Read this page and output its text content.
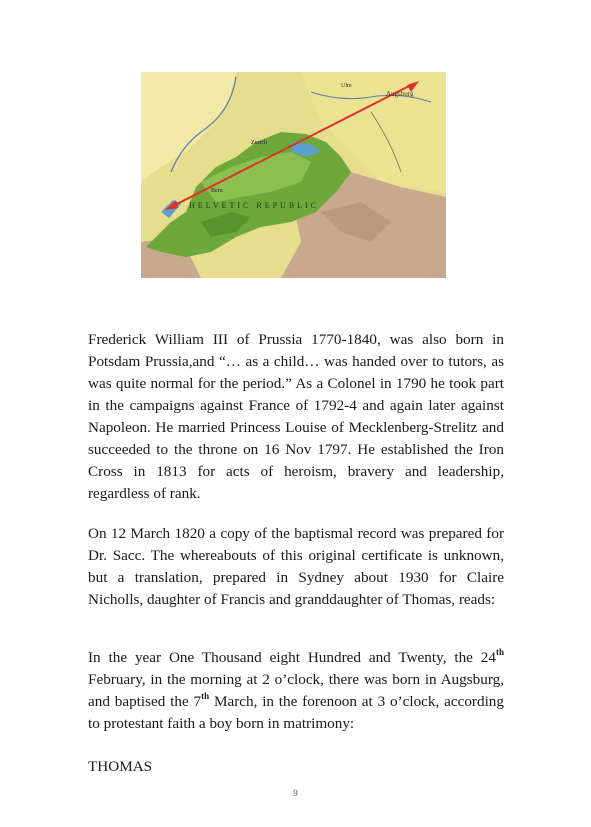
Augsburg
Ulm
Zurich
Bern
HELVETIC REPUBLIC

Frederick William III of Prussia 1770-1840, was also born in Potsdam Prussia,and “… as a child… was handed over to tutors, as was quite normal for the period.” As a Colonel in 1790 he took part in the campaigns against France of 1792-4 and again later against Napoleon. He married Princess Louise of Mecklenberg-Strelitz and succeeded to the throne on 16 Nov 1797. He established the Iron Cross in 1813 for acts of heroism, bravery and leadership, regardless of rank.

On 12 March 1820 a copy of the baptismal record was prepared for Dr. Sacc. The whereabouts of this original certificate is unknown, but a translation, prepared in Sydney about 1930 for Claire Nicholls, daughter of Francis and granddaughter of Thomas, reads:

In the year One Thousand eight Hundred and Twenty, the 24th February, in the morning at 2 o’clock, there was born in Augsburg, and baptised the 7th March, in the forenoon at 3 o’clock, according to protestant faith a boy born in matrimony:

THOMAS
9
